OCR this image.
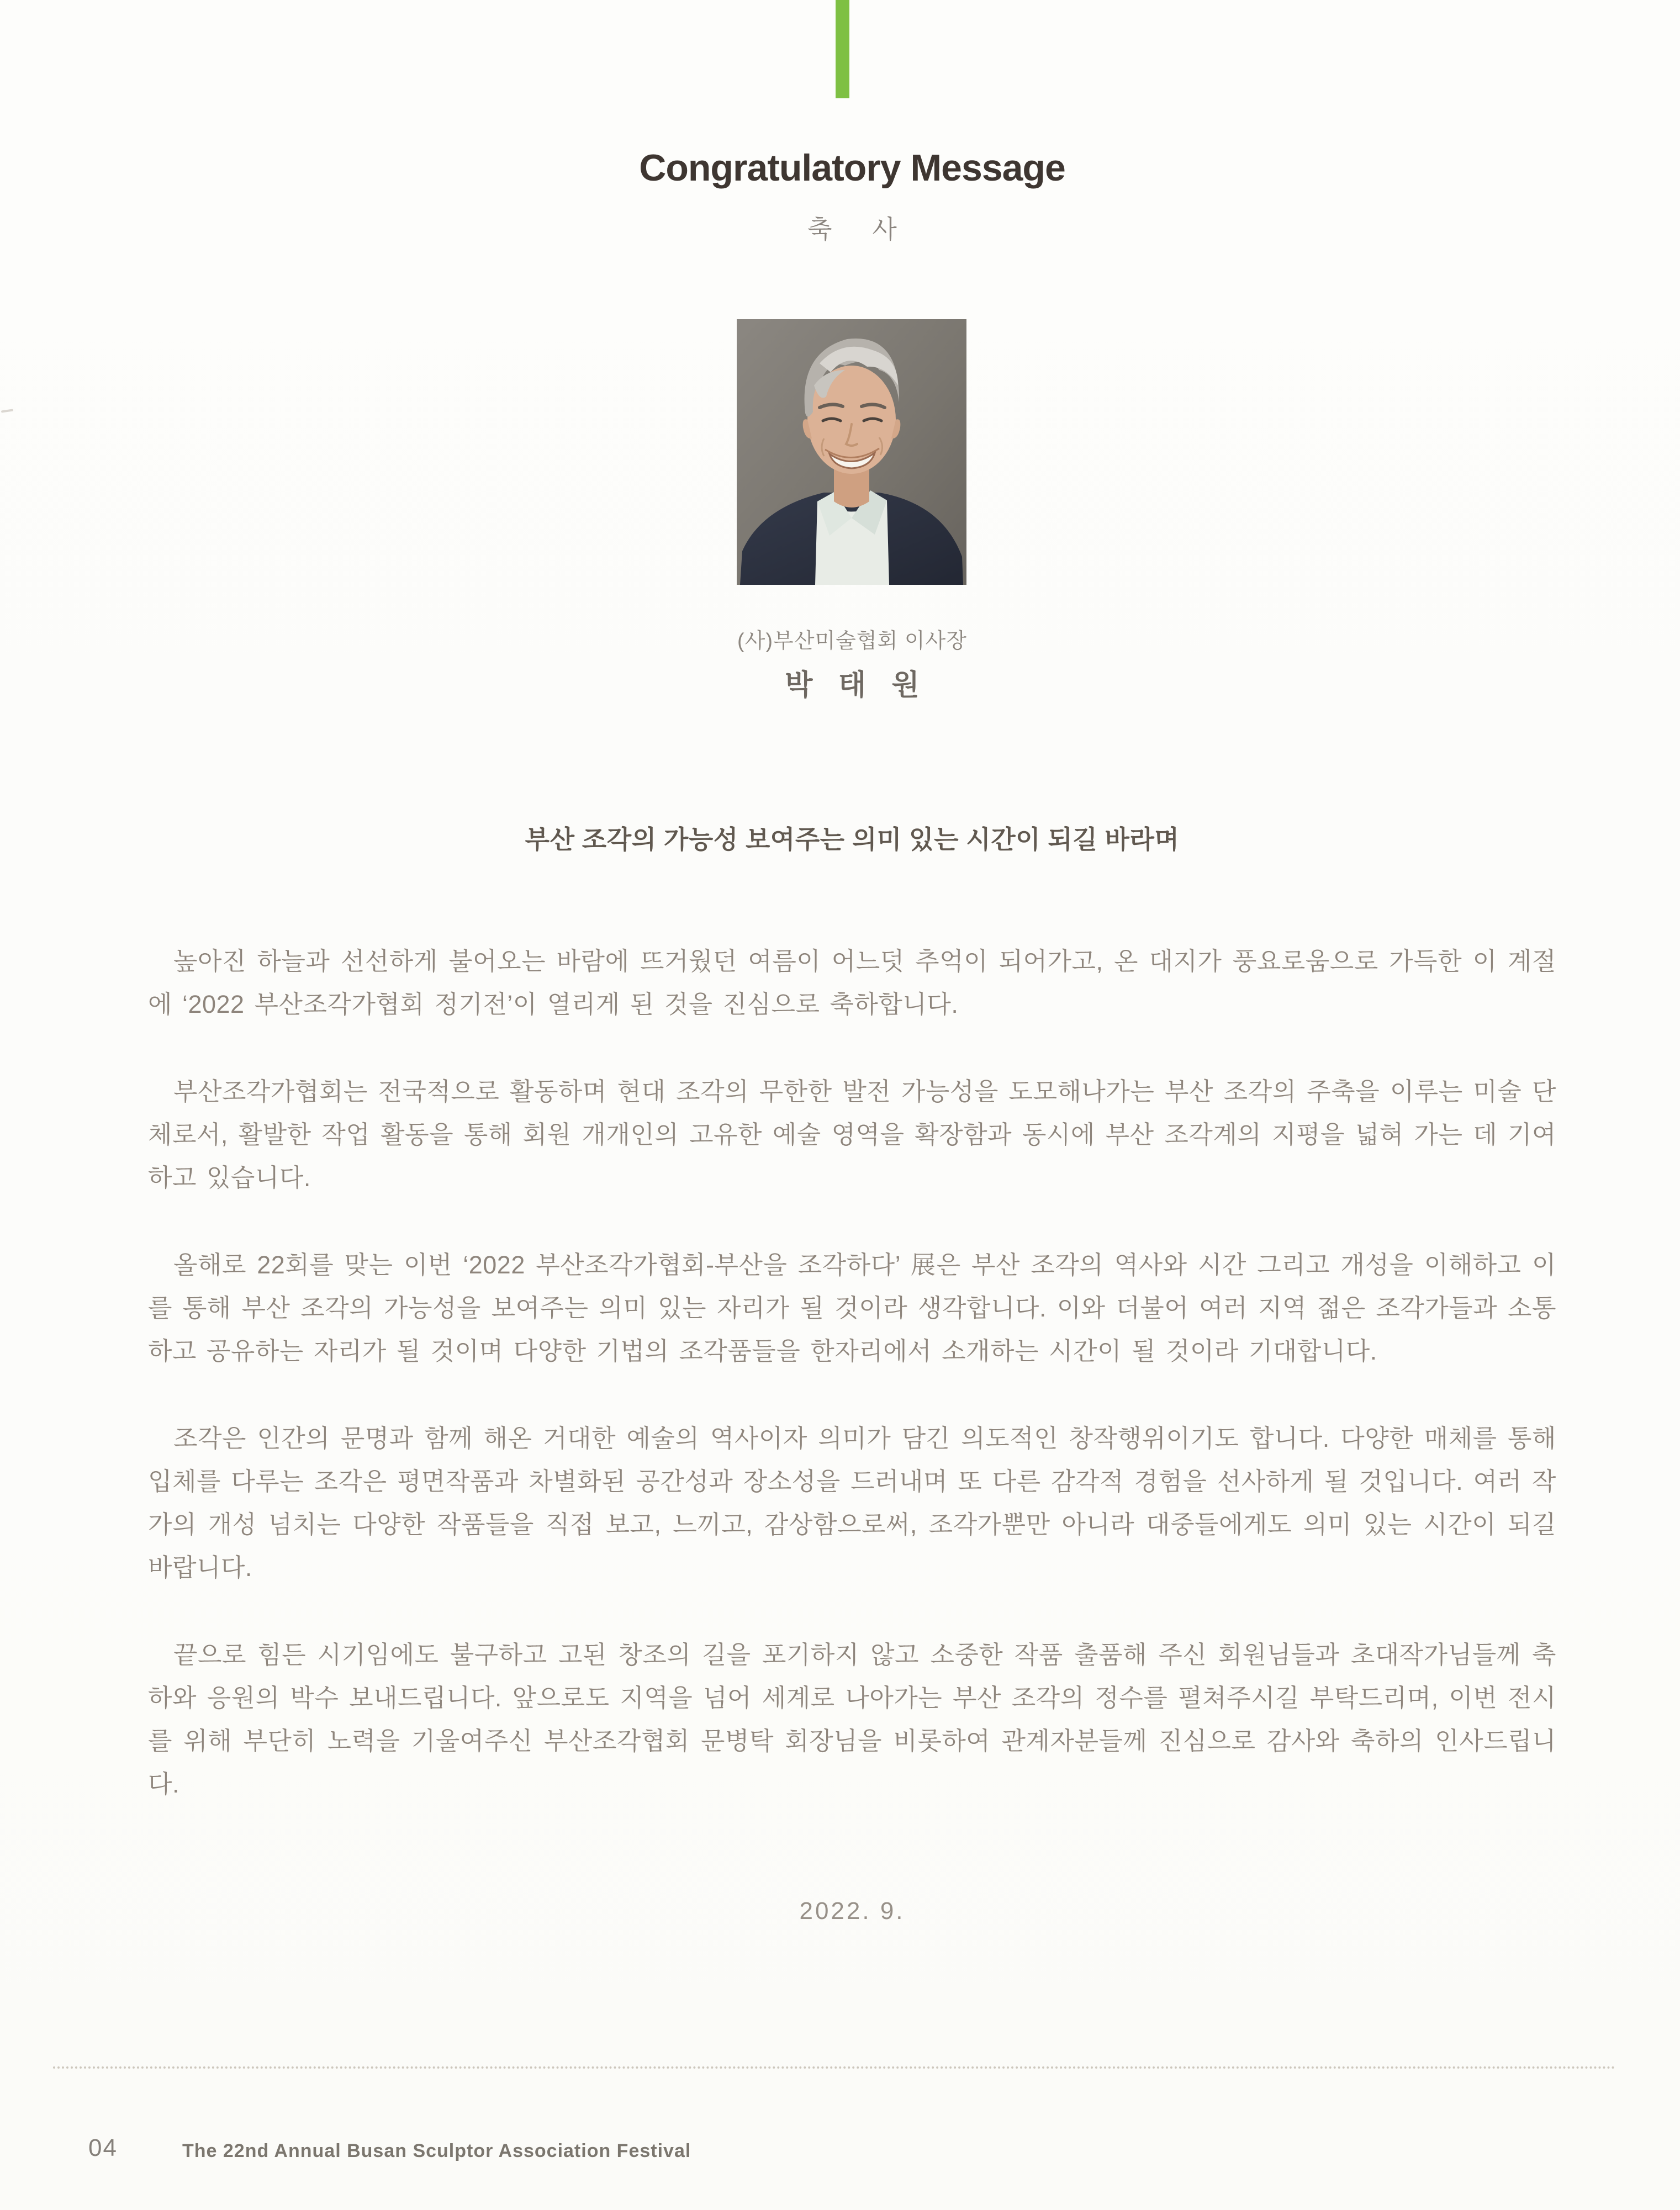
Congratulatory Message
축 사
(사)부산미술협회 이사장
박 태 원
부산 조각의 가능성 보여주는 의미 있는 시간이 되길 바라며

높아진 하늘과 선선하게 불어오는 바람에 뜨거웠던 여름이 어느덧 추억이 되어가고, 온 대지가 풍요로움으로 가득한 이 계절에 ‘2022 부산조각가협회 정기전’이 열리게 된 것을 진심으로 축하합니다.

부산조각가협회는 전국적으로 활동하며 현대 조각의 무한한 발전 가능성을 도모해나가는 부산 조각의 주축을 이루는 미술 단체로서, 활발한 작업 활동을 통해 회원 개개인의 고유한 예술 영역을 확장함과 동시에 부산 조각계의 지평을 넓혀 가는 데 기여하고 있습니다.

올해로 22회를 맞는 이번 ‘2022 부산조각가협회-부산을 조각하다’ 展은 부산 조각의 역사와 시간 그리고 개성을 이해하고 이를 통해 부산 조각의 가능성을 보여주는 의미 있는 자리가 될 것이라 생각합니다. 이와 더불어 여러 지역 젊은 조각가들과 소통하고 공유하는 자리가 될 것이며 다양한 기법의 조각품들을 한자리에서 소개하는 시간이 될 것이라 기대합니다.

조각은 인간의 문명과 함께 해온 거대한 예술의 역사이자 의미가 담긴 의도적인 창작행위이기도 합니다. 다양한 매체를 통해 입체를 다루는 조각은 평면작품과 차별화된 공간성과 장소성을 드러내며 또 다른 감각적 경험을 선사하게 될 것입니다. 여러 작가의 개성 넘치는 다양한 작품들을 직접 보고, 느끼고, 감상함으로써, 조각가뿐만 아니라 대중들에게도 의미 있는 시간이 되길 바랍니다.

끝으로 힘든 시기임에도 불구하고 고된 창조의 길을 포기하지 않고 소중한 작품 출품해 주신 회원님들과 초대작가님들께 축하와 응원의 박수 보내드립니다. 앞으로도 지역을 넘어 세계로 나아가는 부산 조각의 정수를 펼쳐주시길 부탁드리며, 이번 전시를 위해 부단히 노력을 기울여주신 부산조각협회 문병탁 회장님을 비롯하여 관계자분들께 진심으로 감사와 축하의 인사드립니다.

2022. 9.
04	The 22nd Annual Busan Sculptor Association Festival
